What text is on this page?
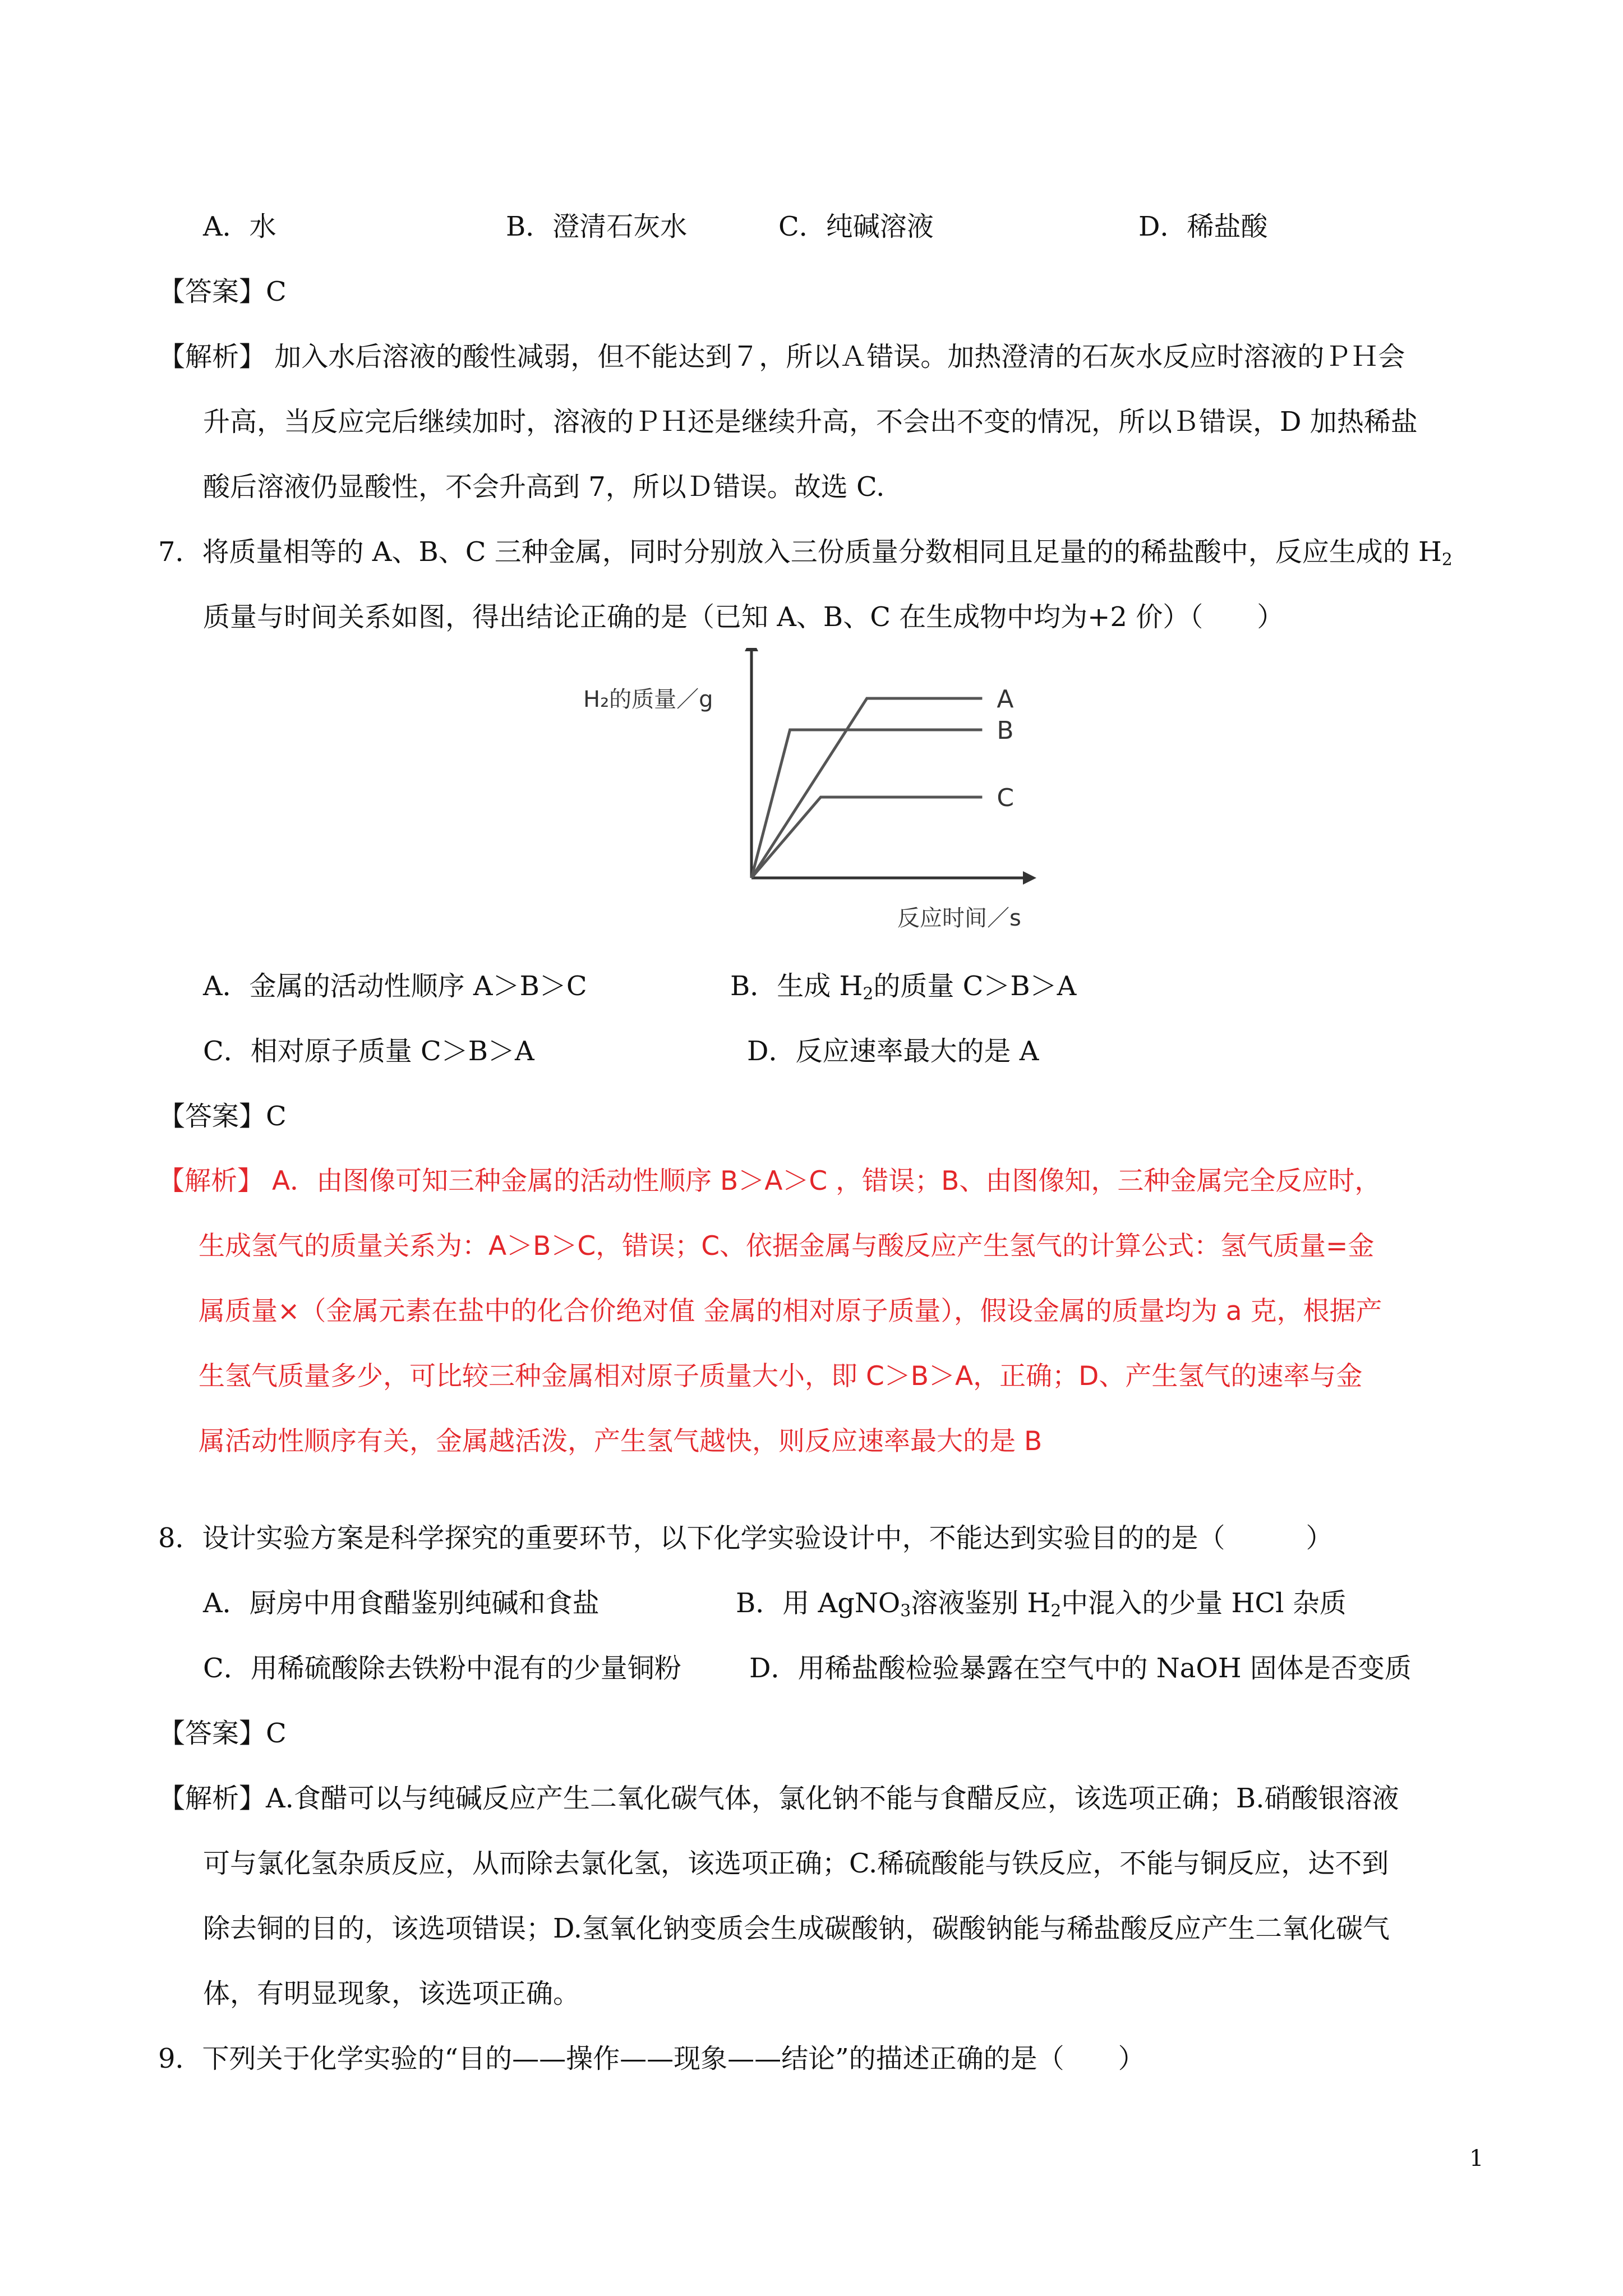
A．水	B．澄清石灰水	C．纯碱溶液	D．稀盐酸
【答案】C
【解析】 加入水后溶液的酸性减弱，但不能达到７，所以Ａ错误。加热澄清的石灰水反应时溶液的ＰＨ会
升高，当反应完后继续加时，溶液的ＰＨ还是继续升高，不会出不变的情况，所以Ｂ错误，D 加热稀盐
酸后溶液仍显酸性，不会升高到 7，所以Ｄ错误。故选 C.
7．将质量相等的 A、B、C 三种金属，同时分别放入三份质量分数相同且足量的的稀盐酸中，反应生成的 $H_2$
质量与时间关系如图，得出结论正确的是（已知 A、B、C 在生成物中均为+2 价）（　　）
A
B
C
H₂的质量／g
反应时间／s
A．金属的活动性顺序 A＞B＞C	B．生成 $H_2$的质量 C＞B＞A
C．相对原子质量 C＞B＞A	D．反应速率最大的是 A
【答案】C
【解析】 A．由图像可知三种金属的活动性顺序 B＞A＞C ，错误；B、由图像知，三种金属完全反应时，
生成氢气的质量关系为：A＞B＞C，错误；C、依据金属与酸反应产生氢气的计算公式：氢气质量=金
属质量×（金属元素在盐中的化合价绝对值 金属的相对原子质量），假设金属的质量均为 a 克，根据产
生氢气质量多少，可比较三种金属相对原子质量大小，即 C＞B＞A，正确；D、产生氢气的速率与金
属活动性顺序有关，金属越活泼，产生氢气越快，则反应速率最大的是 B
8．设计实验方案是科学探究的重要环节，以下化学实验设计中，不能达到实验目的的是（　　　）
A．厨房中用食醋鉴别纯碱和食盐	B．用 AgNO$_3$溶液鉴别 $H_2$中混入的少量 HCl 杂质
C．用稀硫酸除去铁粉中混有的少量铜粉	D．用稀盐酸检验暴露在空气中的 NaOH 固体是否变质
【答案】C
【解析】A.食醋可以与纯碱反应产生二氧化碳气体，氯化钠不能与食醋反应，该选项正确；B.硝酸银溶液
可与氯化氢杂质反应，从而除去氯化氢，该选项正确；C.稀硫酸能与铁反应，不能与铜反应，达不到
除去铜的目的，该选项错误；D.氢氧化钠变质会生成碳酸钠，碳酸钠能与稀盐酸反应产生二氧化碳气
体，有明显现象，该选项正确。
9．下列关于化学实验的“目的——操作——现象——结论”的描述正确的是（　　）
1
